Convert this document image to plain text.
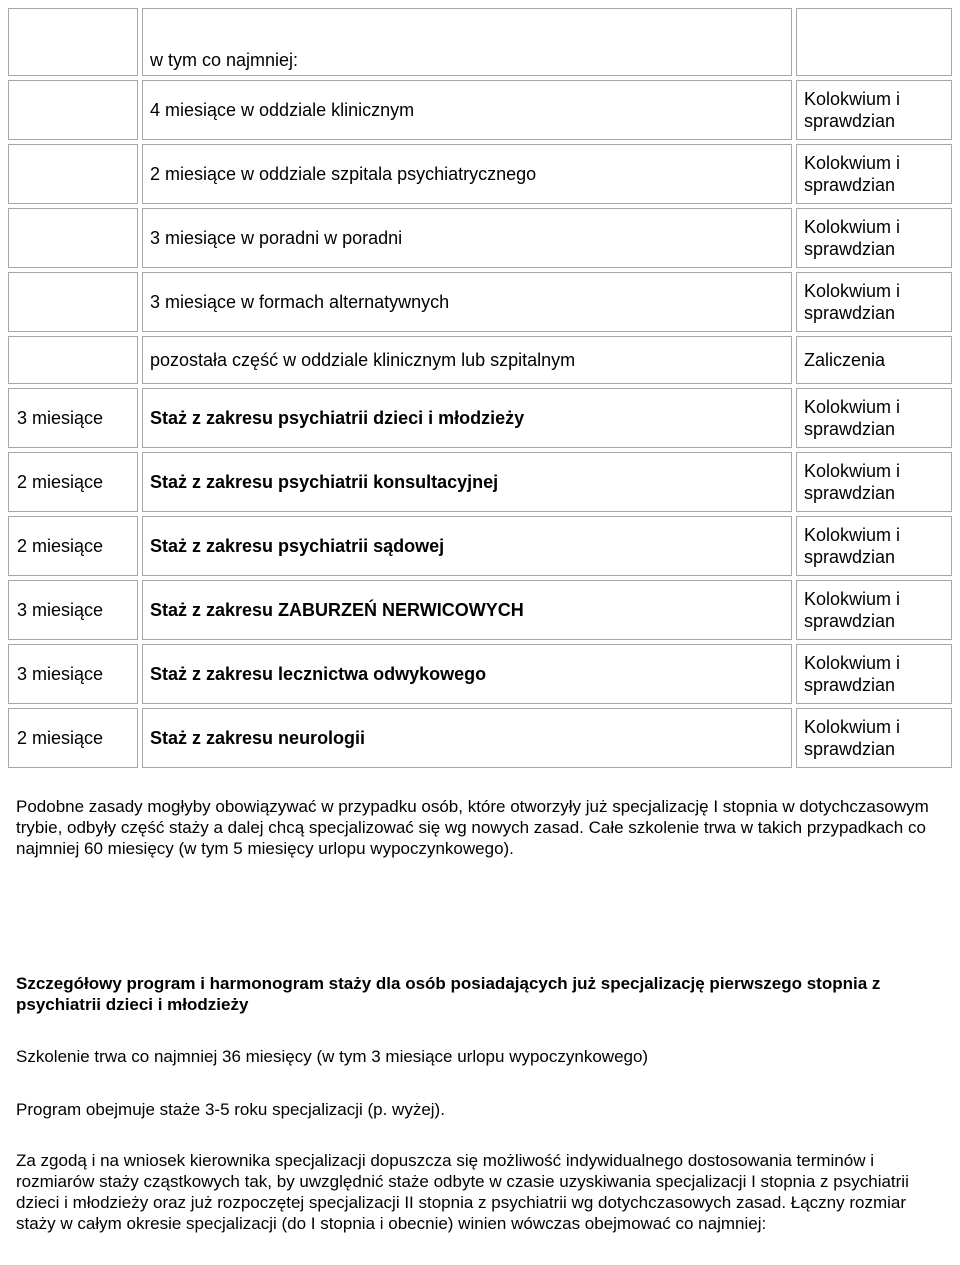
	w tym co najmniej:	
	4 miesiące w oddziale klinicznym	Kolokwium i sprawdzian
	2 miesiące w oddziale szpitala psychiatrycznego	Kolokwium i sprawdzian
	3 miesiące w poradni w poradni	Kolokwium i sprawdzian
	3 miesiące w formach alternatywnych	Kolokwium i sprawdzian
	pozostała część w oddziale klinicznym lub szpitalnym	Zaliczenia
3 miesiące	Staż z zakresu psychiatrii dzieci i młodzieży	Kolokwium i sprawdzian
2 miesiące	Staż z zakresu psychiatrii konsultacyjnej	Kolokwium i sprawdzian
2 miesiące	Staż z zakresu psychiatrii sądowej	Kolokwium i sprawdzian
3 miesiące	Staż z zakresu ZABURZEŃ NERWICOWYCH	Kolokwium i sprawdzian
3 miesiące	Staż z zakresu lecznictwa odwykowego	Kolokwium i sprawdzian
2 miesiące	Staż z zakresu neurologii	Kolokwium i sprawdzian
Podobne zasady mogłyby obowiązywać w przypadku osób, które otworzyły już specjalizację I stopnia w dotychczasowym trybie, odbyły część staży a dalej chcą specjalizować się wg nowych zasad. Całe szkolenie trwa w takich przypadkach co najmniej 60 miesięcy (w tym 5 miesięcy urlopu wypoczynkowego).
Szczegółowy program i harmonogram staży dla osób posiadających już specjalizację pierwszego stopnia z psychiatrii dzieci i młodzieży
Szkolenie trwa co najmniej 36 miesięcy (w tym 3 miesiące urlopu wypoczynkowego)
Program obejmuje staże 3-5 roku specjalizacji (p. wyżej).
Za zgodą i na wniosek kierownika specjalizacji dopuszcza się możliwość indywidualnego dostosowania terminów i rozmiarów staży cząstkowych tak, by uwzględnić staże odbyte w czasie uzyskiwania specjalizacji I stopnia z psychiatrii dzieci i młodzieży oraz już rozpoczętej specjalizacji II stopnia z psychiatrii wg dotychczasowych zasad. Łączny rozmiar staży w całym okresie specjalizacji (do I stopnia i obecnie) winien wówczas obejmować co najmniej:
